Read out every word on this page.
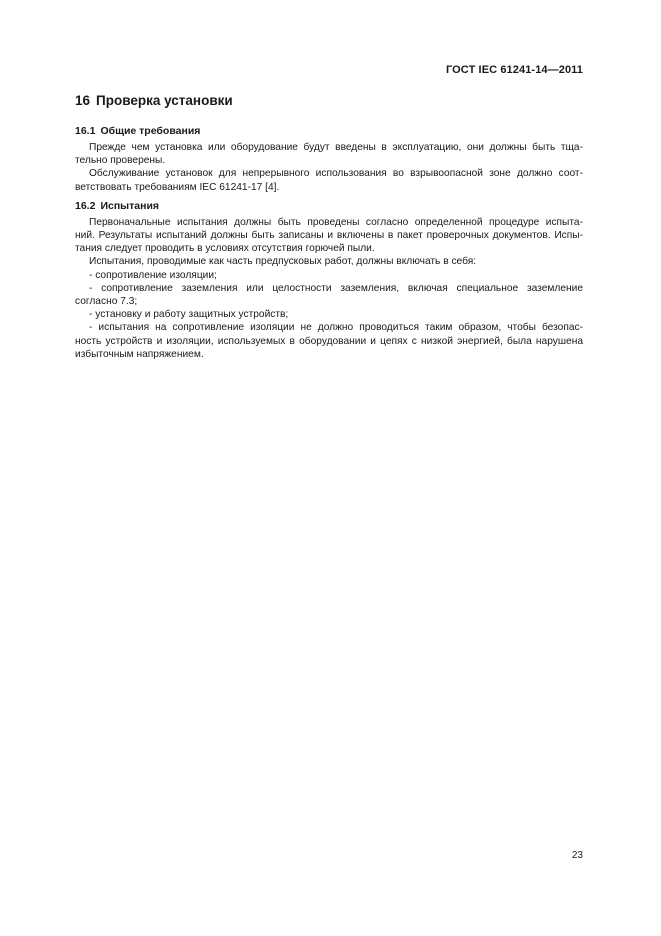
ГОСТ IEC 61241-14—2011
16 Проверка установки
16.1 Общие требования
Прежде чем установка или оборудование будут введены в эксплуатацию, они должны быть тща-
тельно проверены.
Обслуживание установок для непрерывного использования во взрывоопасной зоне должно соот-
ветствовать требованиям IEC 61241-17 [4].
16.2 Испытания
Первоначальные испытания должны быть проведены согласно определенной процедуре испыта-
ний. Результаты испытаний должны быть записаны и включены в пакет проверочных документов. Испы-
тания следует проводить в условиях отсутствия горючей пыли.
Испытания, проводимые как часть предпусковых работ, должны включать в себя:
- сопротивление изоляции;
- сопротивление заземления или целостности заземления, включая специальное заземление
согласно 7.3;
- установку и работу защитных устройств;
- испытания на сопротивление изоляции не должно проводиться таким образом, чтобы безопас-
ность устройств и изоляции, используемых в оборудовании и цепях с низкой энергией, была нарушена
избыточным напряжением.
23
